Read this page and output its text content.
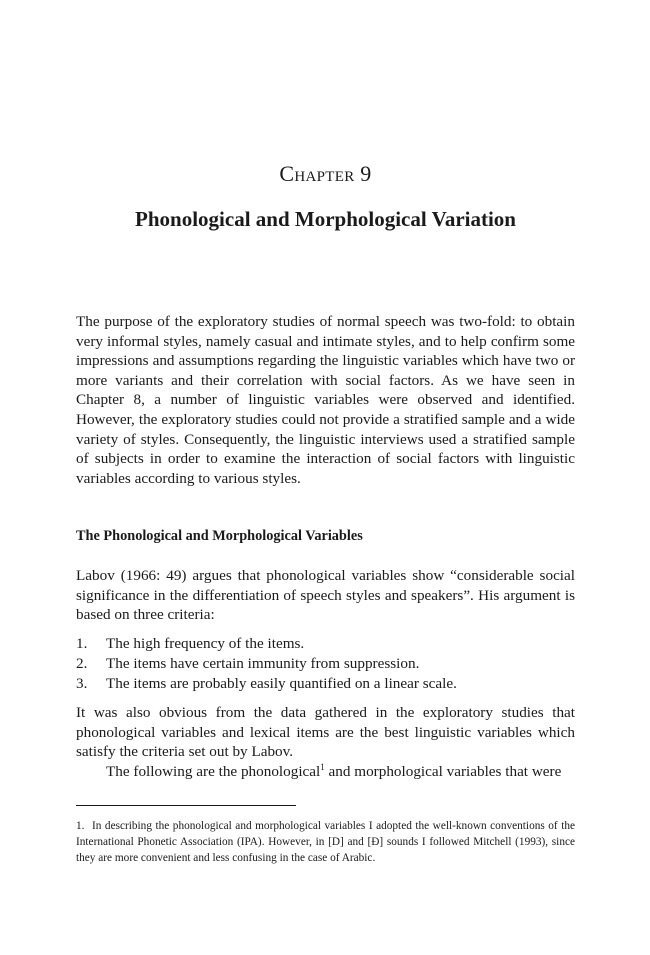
Chapter 9
Phonological and Morphological Variation

The purpose of the exploratory studies of normal speech was two-fold: to obtain very informal styles, namely casual and intimate styles, and to help confirm some impressions and assumptions regarding the linguistic variables which have two or more variants and their correlation with social factors. As we have seen in Chapter 8, a number of linguistic variables were observed and identified. However, the exploratory studies could not provide a stratified sample and a wide variety of styles. Consequently, the linguistic interviews used a stratified sample of subjects in order to examine the interaction of social factors with linguistic variables according to various styles.

The Phonological and Morphological Variables

Labov (1966: 49) argues that phonological variables show “considerable social significance in the differentiation of speech styles and speakers”. His argument is based on three criteria:

1.	The high frequency of the items.
2.	The items have certain immunity from suppression.
3.	The items are probably easily quantified on a linear scale.

It was also obvious from the data gathered in the exploratory studies that phonological variables and lexical items are the best linguistic variables which satisfy the criteria set out by Labov.

The following are the phonological$^1$ and morphological variables that were

1. In describing the phonological and morphological variables I adopted the well-known conventions of the International Phonetic Association (IPA). However, in [D] and [Ɖ] sounds I followed Mitchell (1993), since they are more convenient and less confusing in the case of Arabic.
